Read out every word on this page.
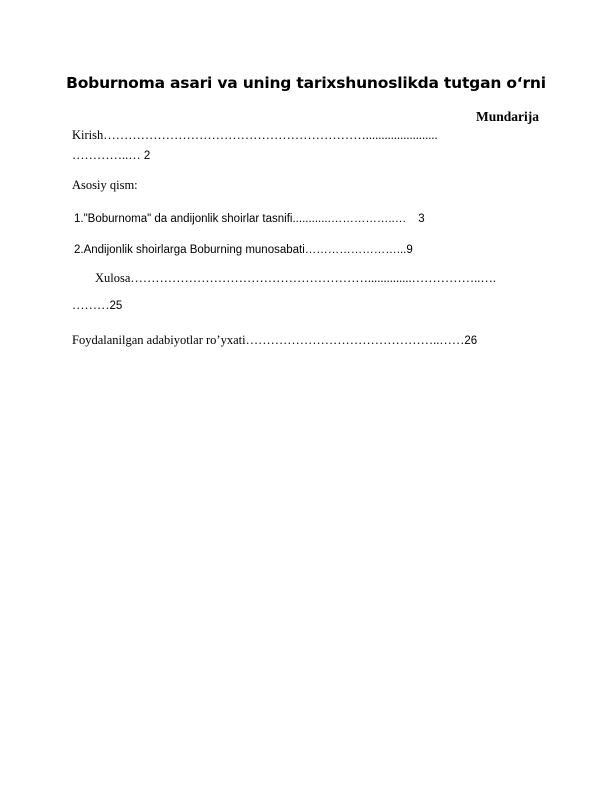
Boburnoma asari va uning tarixshunoslikda tutgan o‘rni
Mundarija
Kirish……………………………………………………….......................
…………..… 2
Asosiy qism:
1."Boburnoma" da andijonlik shoirlar tasnifi............……………..… 3
2.Andijonlik shoirlarga Boburning munosabati……………………...9
Xulosa…………………………………………………..............……………..….
………25
Foydalanilgan adabiyotlar ro’yxati………………………………………..……26
